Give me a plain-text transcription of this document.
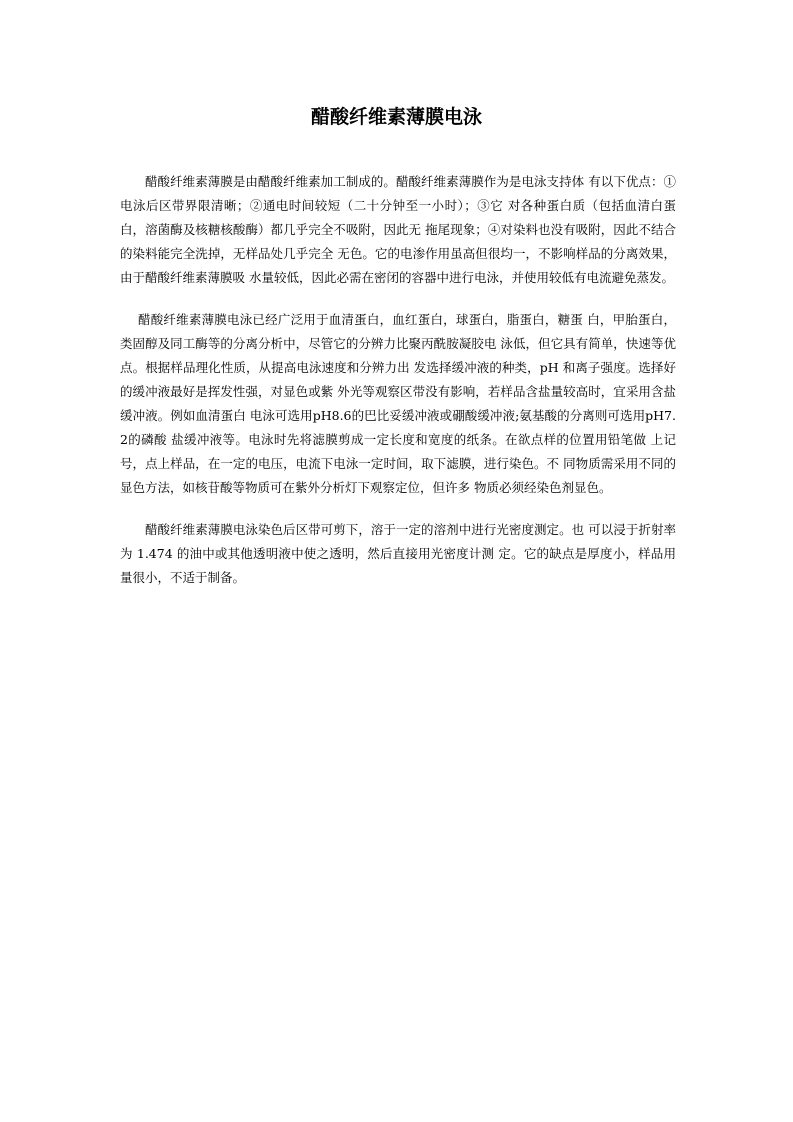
醋酸纤维素薄膜电泳

醋酸纤维素薄膜是由醋酸纤维素加工制成的。醋酸纤维素薄膜作为是电泳支持体 有以下优点：①电泳后区带界限清晰；②通电时间较短（二十分钟至一小时）；③它 对各种蛋白质（包括血清白蛋白，溶菌酶及核糖核酸酶）都几乎完全不吸附，因此无 拖尾现象；④对染料也没有吸附，因此不结合的染料能完全洗掉，无样品处几乎完全 无色。它的电渗作用虽高但很均一，不影响样品的分离效果，由于醋酸纤维素薄膜吸 水量较低，因此必需在密闭的容器中进行电泳，并使用较低有电流避免蒸发。

醋酸纤维素薄膜电泳已经广泛用于血清蛋白，血红蛋白，球蛋白，脂蛋白，糖蛋 白，甲胎蛋白，类固醇及同工酶等的分离分析中，尽管它的分辨力比聚丙酰胺凝胶电 泳低，但它具有简单，快速等优点。根据样品理化性质，从提高电泳速度和分辨力出 发选择缓冲液的种类，pH 和离子强度。选择好的缓冲液最好是挥发性强，对显色或紫 外光等观察区带没有影响，若样品含盐量较高时，宜采用含盐缓冲液。例如血清蛋白 电泳可选用pH8.6的巴比妥缓冲液或硼酸缓冲液;氨基酸的分离则可选用pH7.2的磷酸 盐缓冲液等。电泳时先将滤膜剪成一定长度和宽度的纸条。在欲点样的位置用铅笔做 上记号，点上样品，在一定的电压，电流下电泳一定时间，取下滤膜，进行染色。不 同物质需采用不同的显色方法，如核苷酸等物质可在紫外分析灯下观察定位，但许多 物质必须经染色剂显色。

醋酸纤维素薄膜电泳染色后区带可剪下，溶于一定的溶剂中进行光密度测定。也 可以浸于折射率为 1.474 的油中或其他透明液中使之透明，然后直接用光密度计测 定。它的缺点是厚度小，样品用量很小，不适于制备。
